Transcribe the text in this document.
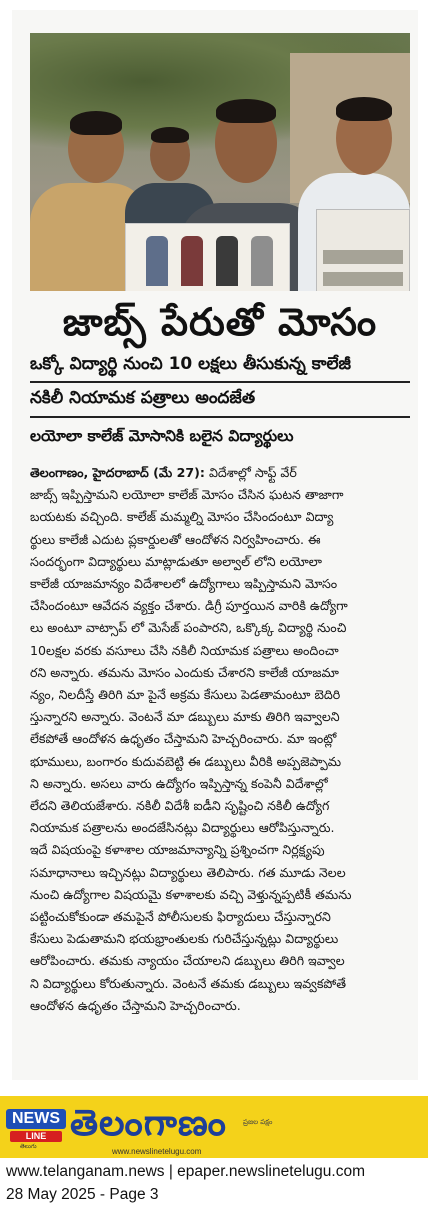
జాబ్స్ పేరుతో మోసం
ఒక్కో విద్యార్థి నుంచి 10 లక్షలు తీసుకున్న కాలేజీ
నకిలీ నియామక పత్రాలు అందజేత
లయోలా కాలేజ్ మోసానికి బలైన విద్యార్థులు
తెలంగాణం, హైదరాబాద్ (మే 27): విదేశాల్లో సాఫ్ట్ వేర్
జాబ్స్ ఇప్పిస్తామని లయోలా కాలేజ్ మోసం చేసిన ఘటన తాజాగా
బయటకు వచ్చింది. కాలేజ్ మమ్మల్ని మోసం చేసిందంటూ విద్యా
ర్థులు కాలేజీ ఎదుట ప్లకార్డులతో ఆందోళన నిర్వహించారు. ఈ
సందర్భంగా విద్యార్థులు మాట్లాడుతూ అల్వాల్ లోని లయోలా
కాలేజీ యాజమాన్యం విదేశాలలో ఉద్యోగాలు ఇప్పిస్తామని మోసం
చేసిందంటూ ఆవేదన వ్యక్తం చేశారు. డిగ్రీ పూర్తయిన వారికి ఉద్యోగా
లు అంటూ వాట్సాప్ లో మెసేజ్ పంపారని, ఒక్కొక్క విద్యార్థి నుంచి
10లక్షల వరకు వసూలు చేసి నకిలీ నియామక పత్రాలు అందించా
రని అన్నారు. తమను మోసం ఎందుకు చేశారని కాలేజీ యాజమా
న్యం, నిలదీస్తే తిరిగి మా పైనే అక్రమ కేసులు పెడతామంటూ బెదిరి
స్తున్నారని అన్నారు. వెంటనే మా డబ్బులు మాకు తిరిగి ఇవ్వాలని
లేకపోతే ఆందోళన ఉధృతం చేస్తామని హెచ్చరించారు. మా ఇంట్లో
భూములు, బంగారం కుదువబెట్టి ఈ డబ్బులు వీరికి అప్పజెప్పామ
ని అన్నారు. అసలు వారు ఉద్యోగం ఇప్పిస్తాన్న కంపెనీ విదేశాల్లో
లేదని తెలియజేశారు. నకిలీ విదేశీ ఐడీని సృష్టించి నకిలీ ఉద్యోగ
నియామక పత్రాలను అందజేసినట్లు విద్యార్థులు ఆరోపిస్తున్నారు.
ఇదే విషయంపై కళాశాల యాజమాన్యాన్ని ప్రశ్నించగా నిర్లక్ష్యపు
సమాధానాలు ఇచ్చినట్లు విద్యార్థులు తెలిపారు. గత మూడు నెలల
నుంచి ఉద్యోగాల విషయమై కళాశాలకు వచ్చి వెళ్తున్నప్పటికీ తమను
పట్టించుకోకుండా తమపైనే పోలీసులకు ఫిర్యాదులు చేస్తున్నారని
కేసులు పెడుతామని భయభ్రాంతులకు గురిచేస్తున్నట్లు విద్యార్థులు
ఆరోపించారు. తమకు న్యాయం చేయాలని డబ్బులు తిరిగి ఇవ్వాల
ని విద్యార్థులు కోరుతున్నారు. వెంటనే తమకు డబ్బులు ఇవ్వకపోతే
ఆందోళన ఉధృతం చేస్తామని హెచ్చరించారు.
NEWS
LINE
తెలుగు
తెలంగాణం ప్రజల పక్షం
www.newslinetelugu.com
www.telanganam.news | epaper.newslinetelugu.com
28 May 2025 - Page 3
